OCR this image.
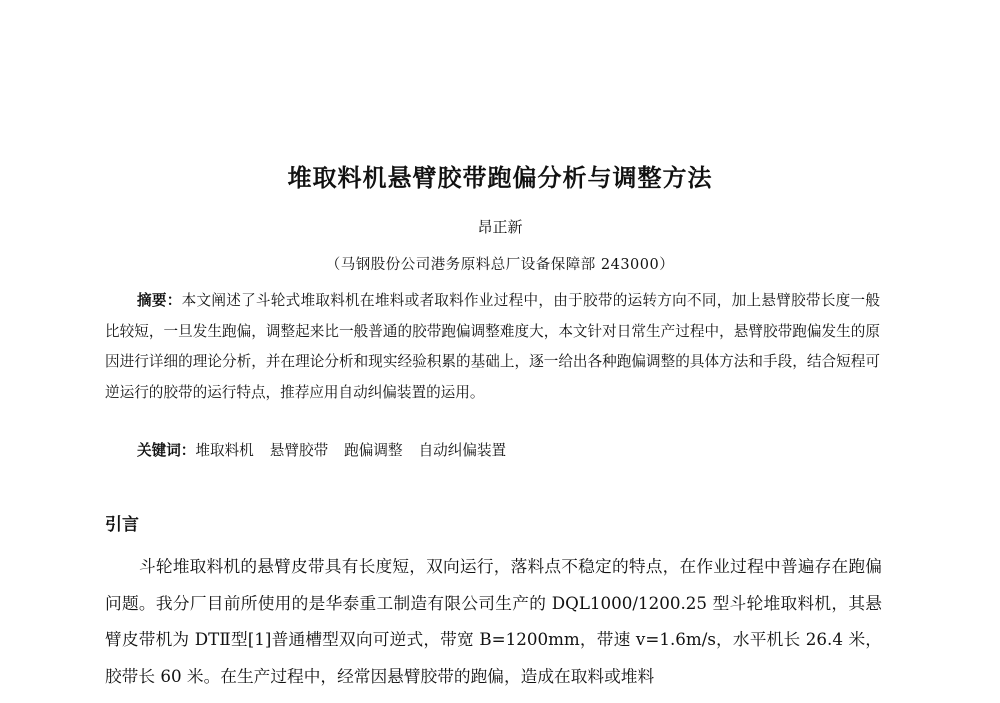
堆取料机悬臂胶带跑偏分析与调整方法
昂正新
（马钢股份公司港务原料总厂设备保障部 243000）
摘要：本文阐述了斗轮式堆取料机在堆料或者取料作业过程中，由于胶带的运转方向不同，加上悬臂胶带长度一般比较短，一旦发生跑偏，调整起来比一般普通的胶带跑偏调整难度大，本文针对日常生产过程中，悬臂胶带跑偏发生的原因进行详细的理论分析，并在理论分析和现实经验积累的基础上，逐一给出各种跑偏调整的具体方法和手段，结合短程可逆运行的胶带的运行特点，推荐应用自动纠偏装置的运用。
关键词：堆取料机 悬臂胶带 跑偏调整 自动纠偏装置
引言
斗轮堆取料机的悬臂皮带具有长度短，双向运行，落料点不稳定的特点，在作业过程中普遍存在跑偏问题。我分厂目前所使用的是华泰重工制造有限公司生产的 DQL1000/1200.25 型斗轮堆取料机，其悬臂皮带机为 DTⅡ型[1]普通槽型双向可逆式，带宽 B=1200mm，带速 v=1.6m/s，水平机长 26.4 米，胶带长 60 米。在生产过程中，经常因悬臂胶带的跑偏，造成在取料或堆料
